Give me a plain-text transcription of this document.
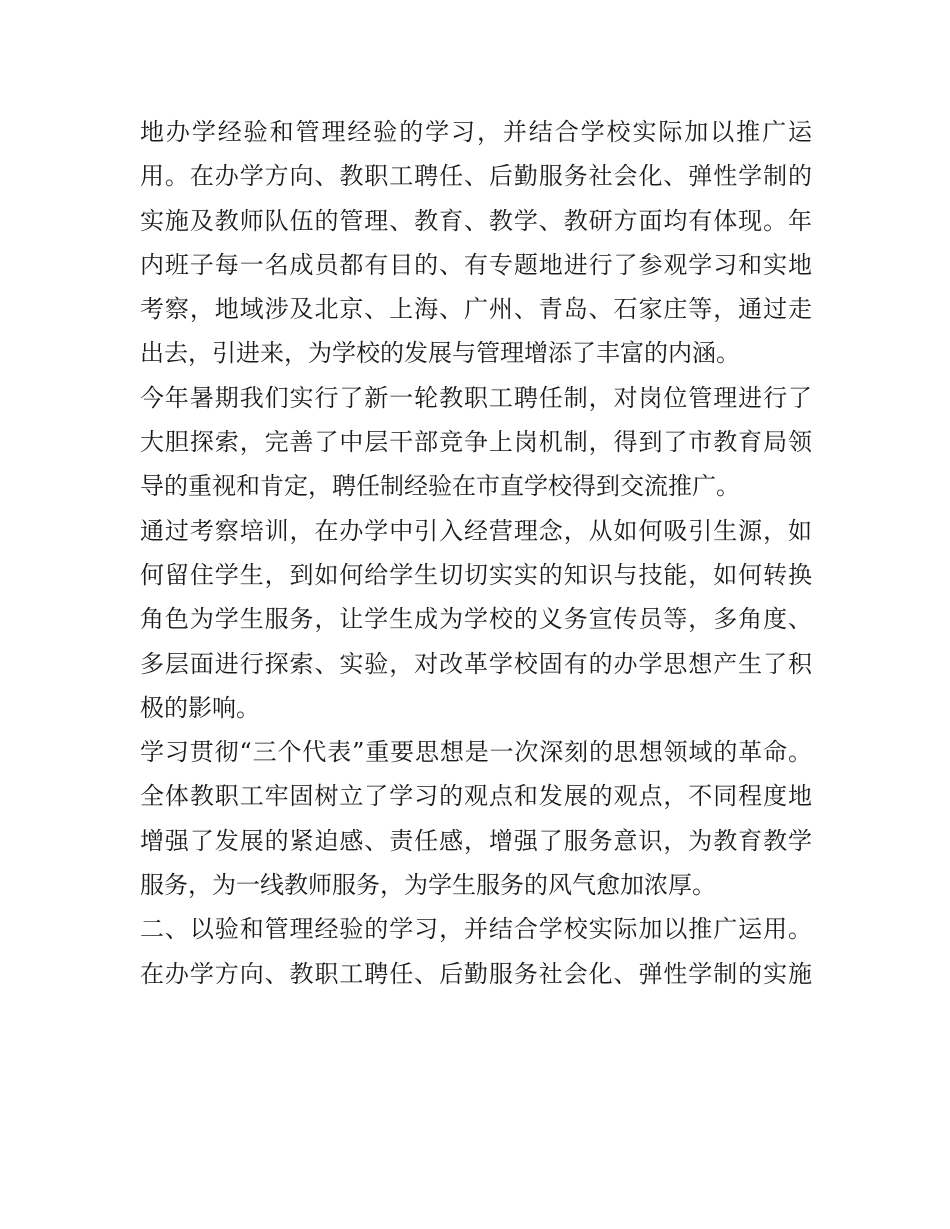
地办学经验和管理经验的学习，并结合学校实际加以推广运
用。在办学方向、教职工聘任、后勤服务社会化、弹性学制的
实施及教师队伍的管理、教育、教学、教研方面均有体现。年
内班子每一名成员都有目的、有专题地进行了参观学习和实地
考察，地域涉及北京、上海、广州、青岛、石家庄等，通过走
出去，引进来，为学校的发展与管理增添了丰富的内涵。
今年暑期我们实行了新一轮教职工聘任制，对岗位管理进行了
大胆探索，完善了中层干部竞争上岗机制，得到了市教育局领
导的重视和肯定，聘任制经验在市直学校得到交流推广。
通过考察培训，在办学中引入经营理念，从如何吸引生源，如
何留住学生，到如何给学生切切实实的知识与技能，如何转换
角色为学生服务，让学生成为学校的义务宣传员等，多角度、
多层面进行探索、实验，对改革学校固有的办学思想产生了积
极的影响。
学习贯彻“三个代表”重要思想是一次深刻的思想领域的革命。
全体教职工牢固树立了学习的观点和发展的观点，不同程度地
增强了发展的紧迫感、责任感，增强了服务意识，为教育教学
服务，为一线教师服务，为学生服务的风气愈加浓厚。
二、以验和管理经验的学习，并结合学校实际加以推广运用。
在办学方向、教职工聘任、后勤服务社会化、弹性学制的实施
